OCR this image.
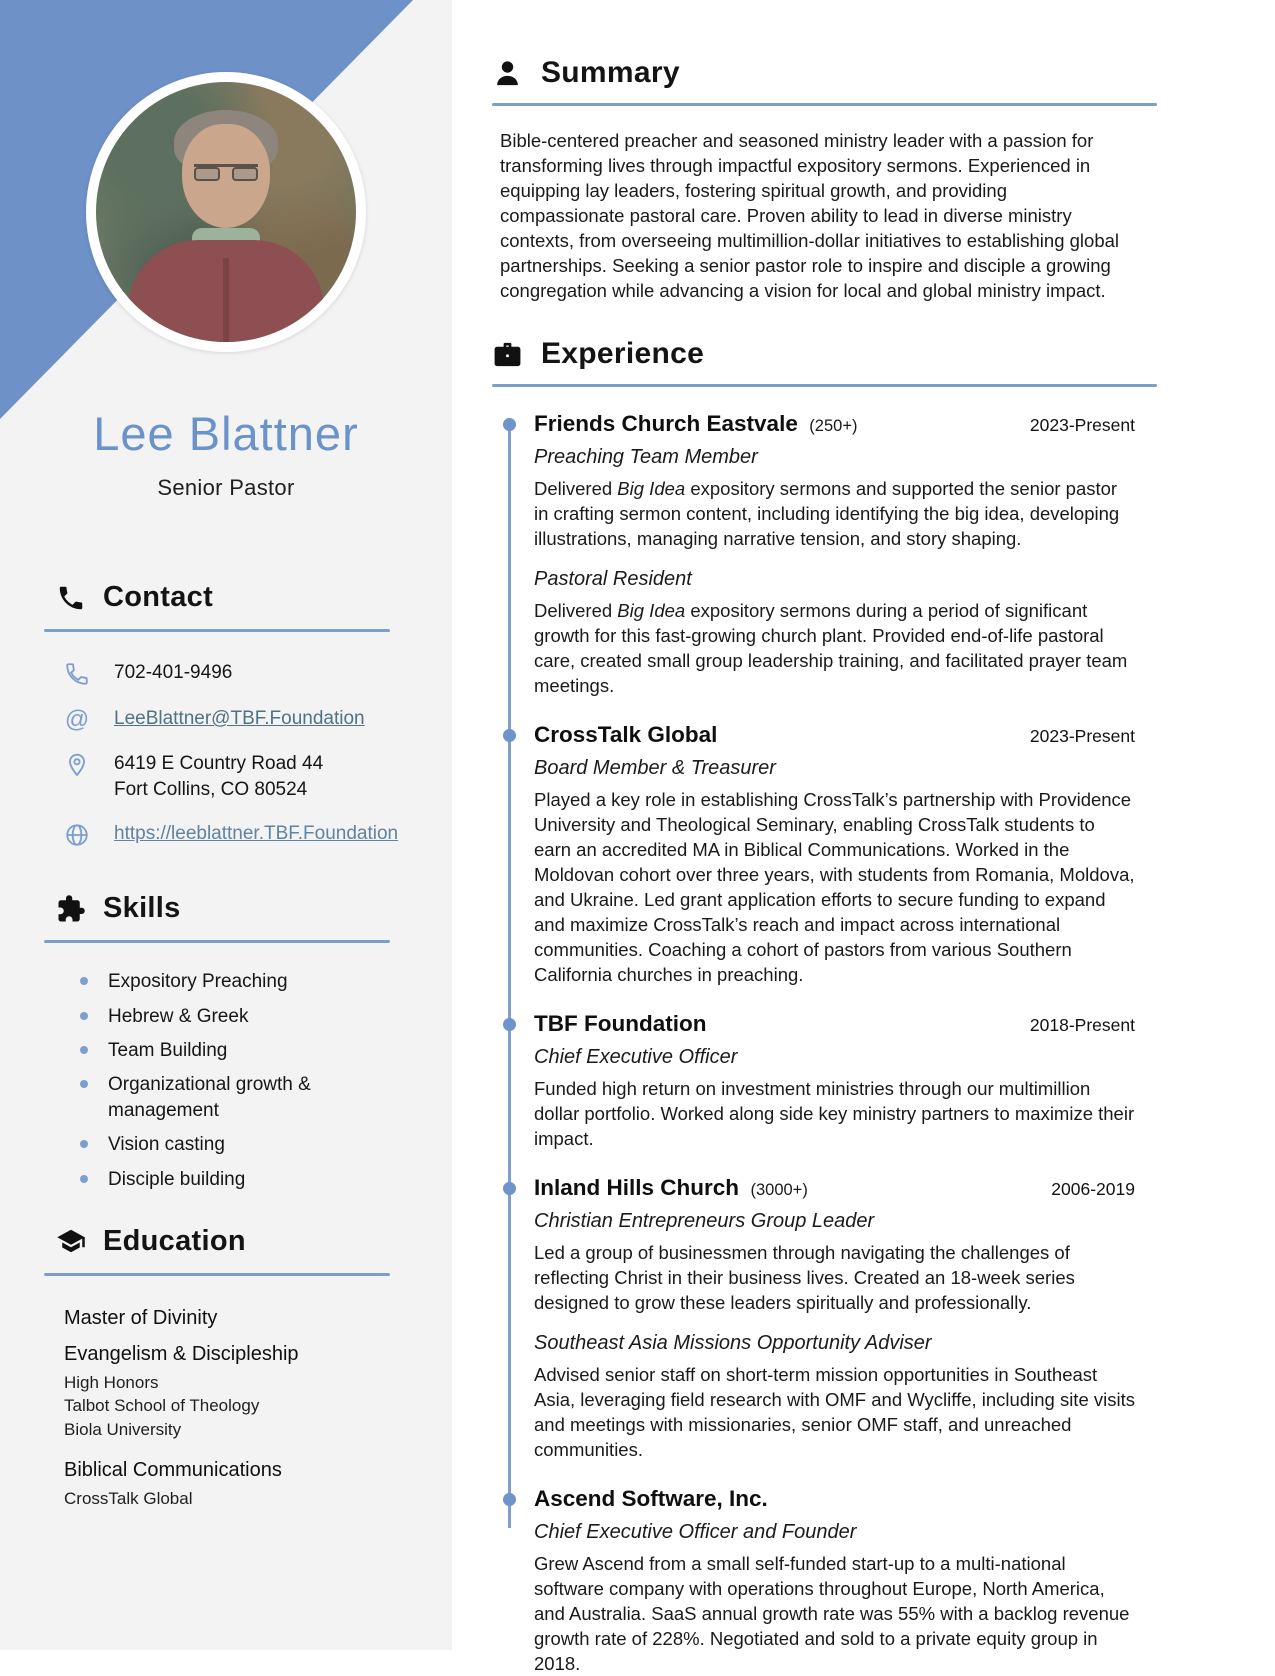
Lee Blattner
Senior Pastor
Contact
702-401-9496
@ LeeBlattner@TBF.Foundation
6419 E Country Road 44
Fort Collins, CO 80524
https://leeblattner.TBF.Foundation
Skills
Expository Preaching
Hebrew & Greek
Team Building
Organizational growth & management
Vision casting
Disciple building
Education
Master of Divinity
Evangelism & Discipleship
High Honors
Talbot School of Theology
Biola University
Biblical Communications
CrossTalk Global
Summary

Bible-centered preacher and seasoned ministry leader with a passion for transforming lives through impactful expository sermons. Experienced in equipping lay leaders, fostering spiritual growth, and providing compassionate pastoral care. Proven ability to lead in diverse ministry contexts, from overseeing multimillion-dollar initiatives to establishing global partnerships. Seeking a senior pastor role to inspire and disciple a growing congregation while advancing a vision for local and global ministry impact.

Experience
Friends Church Eastvale (250+)	2023-Present
Preaching Team Member

Delivered Big Idea expository sermons and supported the senior pastor in crafting sermon content, including identifying the big idea, developing illustrations, managing narrative tension, and story shaping.

Pastoral Resident

Delivered Big Idea expository sermons during a period of significant growth for this fast-growing church plant. Provided end-of-life pastoral care, created small group leadership training, and facilitated prayer team meetings.

CrossTalk Global	2023-Present
Board Member & Treasurer

Played a key role in establishing CrossTalk’s partnership with Providence University and Theological Seminary, enabling CrossTalk students to earn an accredited MA in Biblical Communications. Worked in the Moldovan cohort over three years, with students from Romania, Moldova, and Ukraine. Led grant application efforts to secure funding to expand and maximize CrossTalk’s reach and impact across international communities. Coaching a cohort of pastors from various Southern California churches in preaching.

TBF Foundation	2018-Present
Chief Executive Officer

Funded high return on investment ministries through our multimillion dollar portfolio. Worked along side key ministry partners to maximize their impact.

Inland Hills Church (3000+)	2006-2019
Christian Entrepreneurs Group Leader

Led a group of businessmen through navigating the challenges of reflecting Christ in their business lives. Created an 18-week series designed to grow these leaders spiritually and professionally.

Southeast Asia Missions Opportunity Adviser

Advised senior staff on short-term mission opportunities in Southeast Asia, leveraging field research with OMF and Wycliffe, including site visits and meetings with missionaries, senior OMF staff, and unreached communities.

Ascend Software, Inc.
Chief Executive Officer and Founder

Grew Ascend from a small self-funded start-up to a multi-national software company with operations throughout Europe, North America, and Australia. SaaS annual growth rate was 55% with a backlog revenue growth rate of 228%. Negotiated and sold to a private equity group in 2018.
